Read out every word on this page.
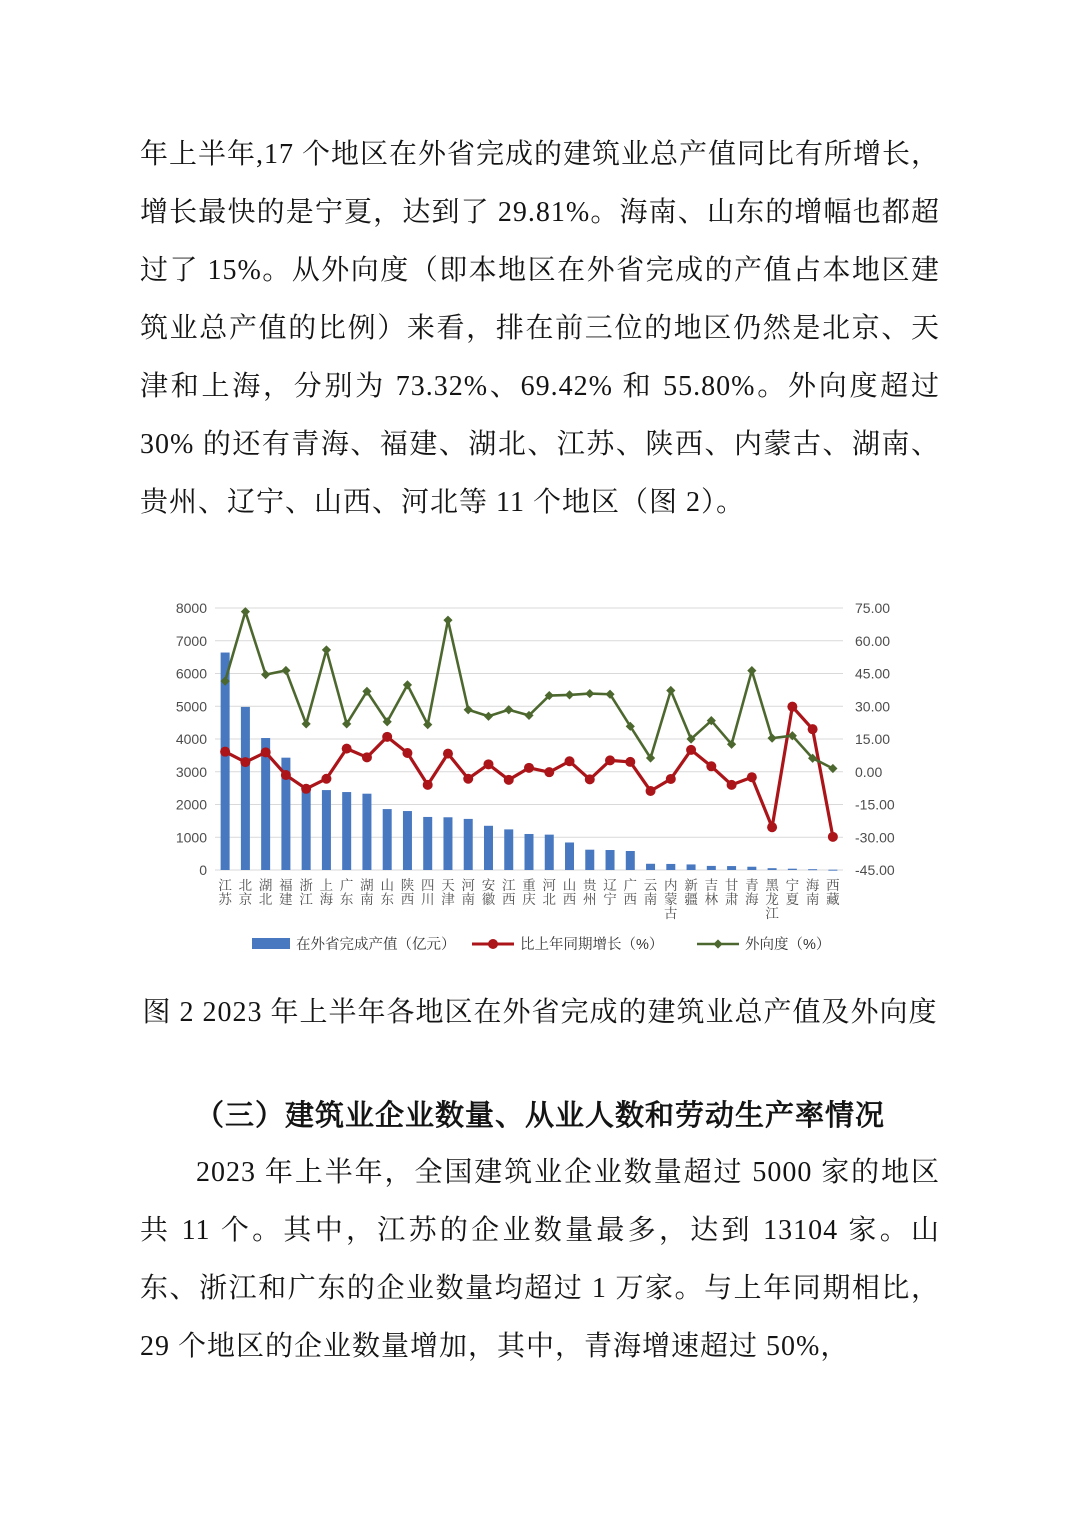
年上半年,17 个地区在外省完成的建筑业总产值同比有所增长，增长最快的是宁夏，达到了 29.81%。海南、山东的增幅也都超过了 15%。从外向度（即本地区在外省完成的产值占本地区建筑业总产值的比例）来看，排在前三位的地区仍然是北京、天津和上海，分别为 73.32%、69.42% 和 55.80%。外向度超过 30% 的还有青海、福建、湖北、江苏、陕西、内蒙古、湖南、贵州、辽宁、山西、河北等 11 个地区（图 2）。
0
1000
2000
3000
4000
5000
6000
7000
8000
-45.00
-30.00
-15.00
0.00
15.00
30.00
45.00
60.00
75.00
江苏
北京
湖北
福建
浙江
上海
广东
湖南
山东
陕西
四川
天津
河南
安徽
江西
重庆
河北
山西
贵州
辽宁
广西
云南
内蒙古
新疆
吉林
甘肃
青海
黑龙江
宁夏
海南
西藏
在外省完成产值（亿元）	比上年同期增长（%）	外向度（%）
图 2 2023 年上半年各地区在外省完成的建筑业总产值及外向度
（三）建筑业企业数量、从业人数和劳动生产率情况
2023 年上半年，全国建筑业企业数量超过 5000 家的地区共 11 个。其中，江苏的企业数量最多，达到 13104 家。山东、浙江和广东的企业数量均超过 1 万家。与上年同期相比，29 个地区的企业数量增加，其中，青海增速超过 50%，
